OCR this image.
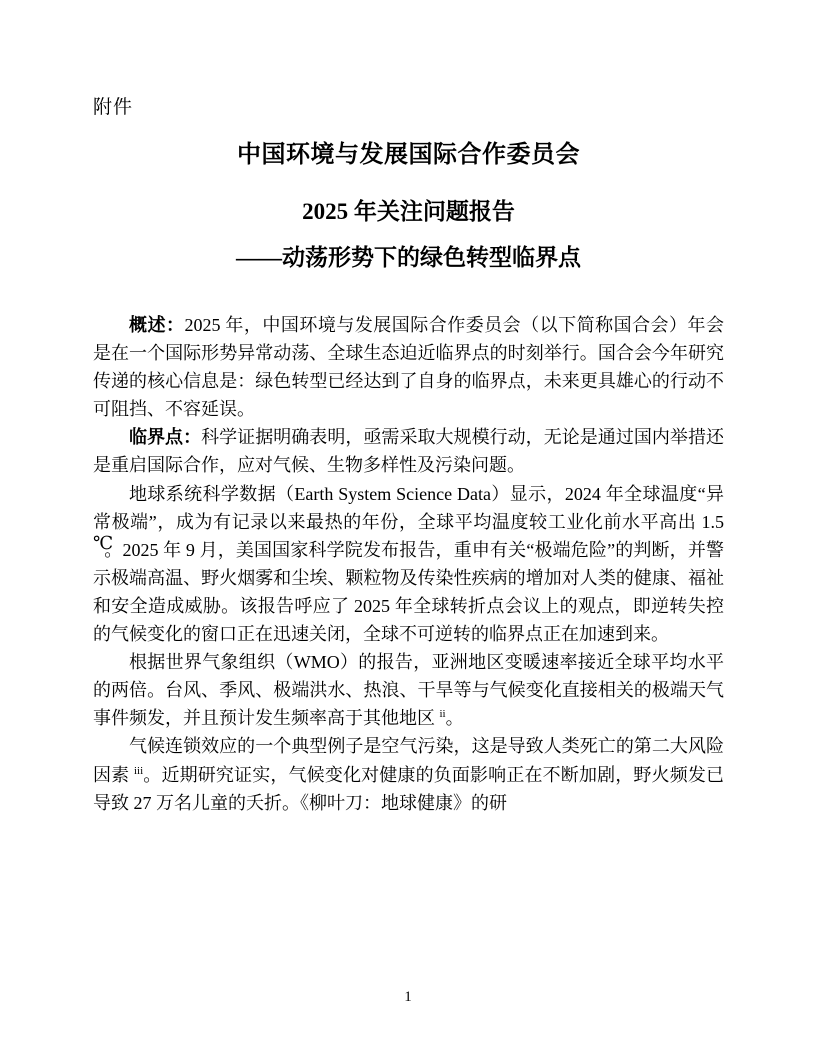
附件
中国环境与发展国际合作委员会
2025 年关注问题报告
——动荡形势下的绿色转型临界点

概述：2025 年，中国环境与发展国际合作委员会（以下简称国合会）年会是在一个国际形势异常动荡、全球生态迫近临界点的时刻举行。国合会今年研究传递的核心信息是：绿色转型已经达到了自身的临界点，未来更具雄心的行动不可阻挡、不容延误。

临界点：科学证据明确表明，亟需采取大规模行动，无论是通过国内举措还是重启国际合作，应对气候、生物多样性及污染问题。

地球系统科学数据（Earth System Science Data）显示，2024 年全球温度“异常极端”，成为有记录以来最热的年份，全球平均温度较工业化前水平高出 1.5 ℃。2025 年 9 月，美国国家科学院发布报告，重申有关“极端危险”的判断，并警示极端高温、野火烟雾和尘埃、颗粒物及传染性疾病的增加对人类的健康、福祉和安全造成威胁。该报告呼应了 2025 年全球转折点会议上的观点，即逆转失控的气候变化的窗口正在迅速关闭，全球不可逆转的临界点正在加速到来。

根据世界气象组织（WMO）的报告，亚洲地区变暖速率接近全球平均水平的两倍。台风、季风、极端洪水、热浪、干旱等与气候变化直接相关的极端天气事件频发，并且预计发生频率高于其他地区 $^{ii}$。

气候连锁效应的一个典型例子是空气污染，这是导致人类死亡的第二大风险因素 $^{iii}$。近期研究证实，气候变化对健康的负面影响正在不断加剧，野火频发已导致 27 万名儿童的夭折。《柳叶刀：地球健康》的研

1
